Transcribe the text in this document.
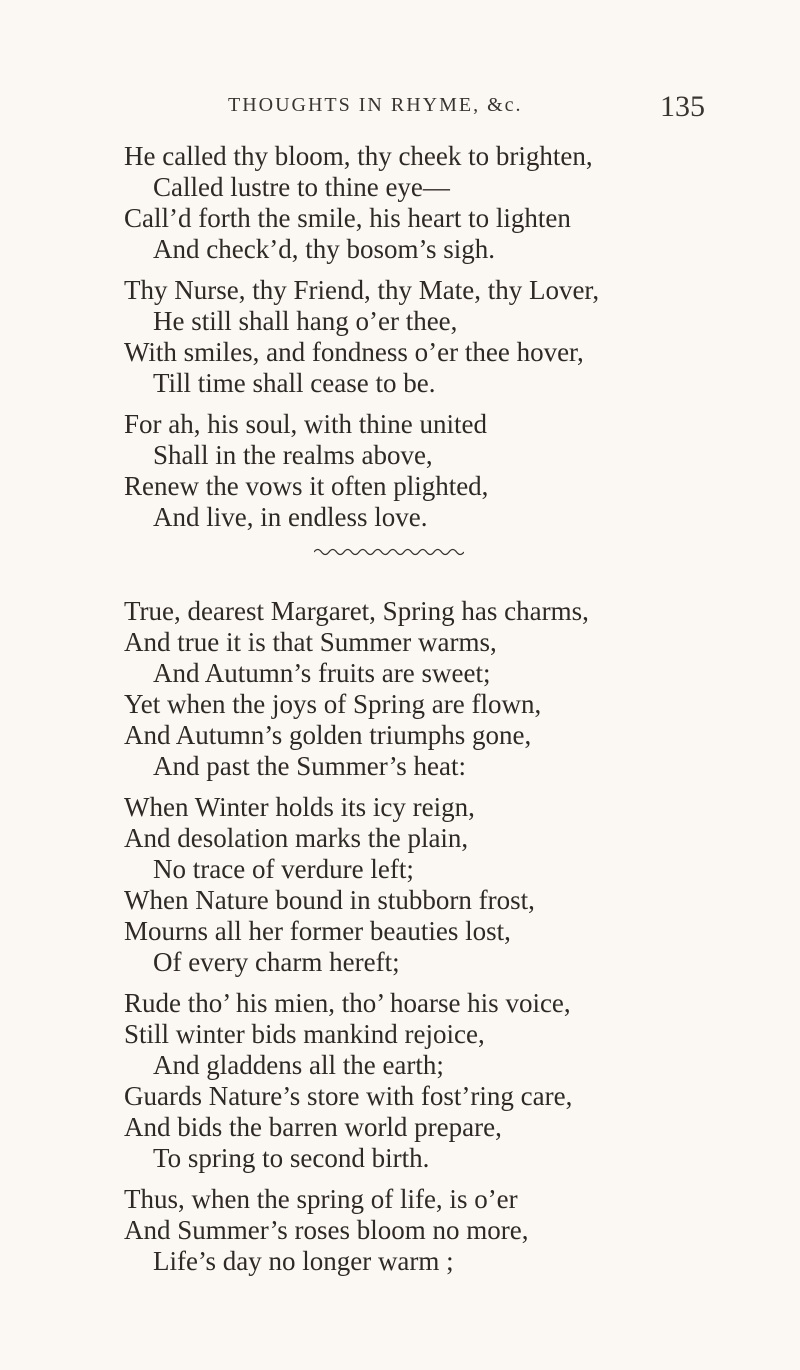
THOUGHTS IN RHYME, &c.	135
He called thy bloom, thy cheek to brighten,
Called lustre to thine eye—
Call’d forth the smile, his heart to lighten
And check’d, thy bosom’s sigh.
Thy Nurse, thy Friend, thy Mate, thy Lover,
He still shall hang o’er thee,
With smiles, and fondness o’er thee hover,
Till time shall cease to be.
For ah, his soul, with thine united
Shall in the realms above,
Renew the vows it often plighted,
And live, in endless love.
True, dearest Margaret, Spring has charms,
And true it is that Summer warms,
And Autumn’s fruits are sweet;
Yet when the joys of Spring are flown,
And Autumn’s golden triumphs gone,
And past the Summer’s heat:
When Winter holds its icy reign,
And desolation marks the plain,
No trace of verdure left;
When Nature bound in stubborn frost,
Mourns all her former beauties lost,
Of every charm hereft;
Rude tho’ his mien, tho’ hoarse his voice,
Still winter bids mankind rejoice,
And gladdens all the earth;
Guards Nature’s store with fost’ring care,
And bids the barren world prepare,
To spring to second birth.
Thus, when the spring of life, is o’er
And Summer’s roses bloom no more,
Life’s day no longer warm ;
